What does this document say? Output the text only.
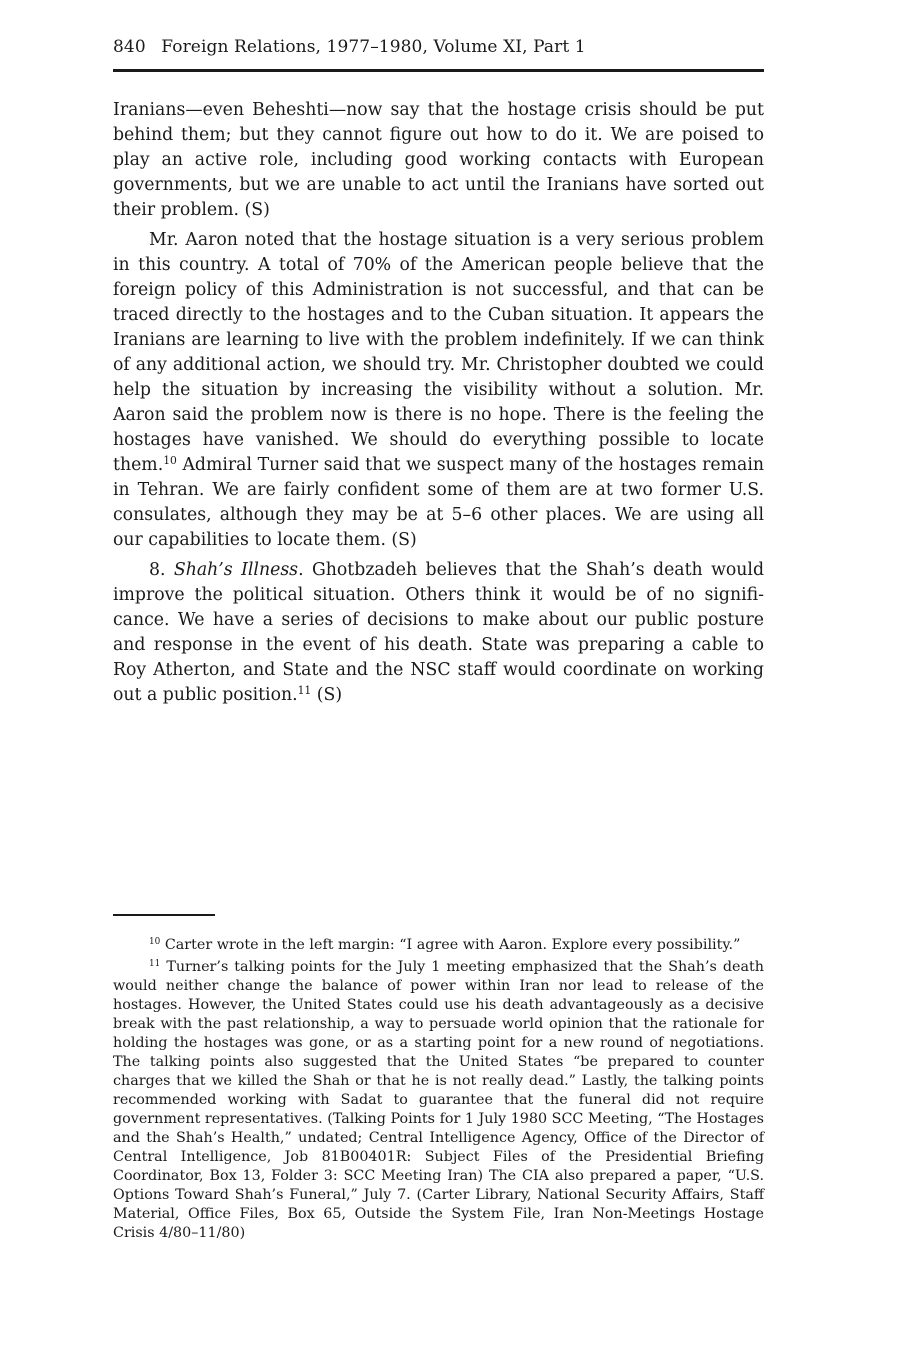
840 Foreign Relations, 1977–1980, Volume XI, Part 1

Iranians—even Beheshti—now say that the hostage crisis should be put behind them; but they cannot figure out how to do it. We are poised to play an active role, including good working contacts with European governments, but we are unable to act until the Iranians have sorted out their problem. (S)

Mr. Aaron noted that the hostage situation is a very serious problem in this country. A total of 70% of the American people believe that the foreign policy of this Administration is not successful, and that can be traced directly to the hostages and to the Cuban situation. It appears the Iranians are learning to live with the problem indefinitely. If we can think of any additional action, we should try. Mr. Christopher doubted we could help the situation by increasing the visibility without a solution. Mr. Aaron said the problem now is there is no hope. There is the feeling the hostages have vanished. We should do everything possible to locate them.$^{10}$ Admiral Turner said that we suspect many of the hostages remain in Tehran. We are fairly confident some of them are at two former U.S. consulates, although they may be at 5–6 other places. We are using all our capabilities to locate them. (S)

8. Shah’s Illness. Ghotbzadeh believes that the Shah’s death would improve the political situation. Others think it would be of no significance. We have a series of decisions to make about our public posture and response in the event of his death. State was preparing a cable to Roy Atherton, and State and the NSC staff would coordinate on working out a public position.$^{11}$ (S)

$^{10}$ Carter wrote in the left margin: “I agree with Aaron. Explore every possibility.”

$^{11}$ Turner’s talking points for the July 1 meeting emphasized that the Shah’s death would neither change the balance of power within Iran nor lead to release of the hostages. However, the United States could use his death advantageously as a decisive break with the past relationship, a way to persuade world opinion that the rationale for holding the hostages was gone, or as a starting point for a new round of negotiations. The talking points also suggested that the United States “be prepared to counter charges that we killed the Shah or that he is not really dead.” Lastly, the talking points recommended working with Sadat to guarantee that the funeral did not require government representatives. (Talking Points for 1 July 1980 SCC Meeting, “The Hostages and the Shah’s Health,” undated; Central Intelligence Agency, Office of the Director of Central Intelligence, Job 81B00401R: Subject Files of the Presidential Briefing Coordinator, Box 13, Folder 3: SCC Meeting Iran) The CIA also prepared a paper, “U.S. Options Toward Shah’s Funeral,” July 7. (Carter Library, National Security Affairs, Staff Material, Office Files, Box 65, Outside the System File, Iran Non-Meetings Hostage Crisis 4/80–11/80)
